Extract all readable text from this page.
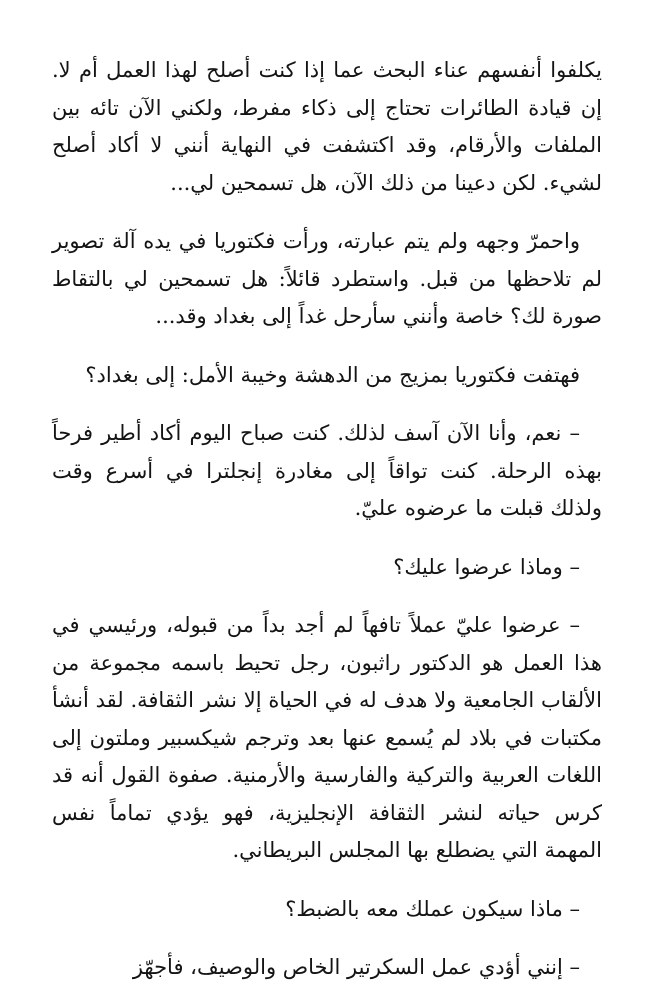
يكلفوا أنفسهم عناء البحث عما إذا كنت أصلح لهذا العمل أم لا. إن قيادة الطائرات تحتاج إلى ذكاء مفرط، ولكني الآن تائه بين الملفات والأرقام، وقد اكتشفت في النهاية أنني لا أكاد أصلح لشيء. لكن دعينا من ذلك الآن، هل تسمحين لي...

واحمرّ وجهه ولم يتم عبارته، ورأت فكتوريا في يده آلة تصوير لم تلاحظها من قبل. واستطرد قائلاً: هل تسمحين لي بالتقاط صورة لك؟ خاصة وأنني سأرحل غداً إلى بغداد وقد...

فهتفت فكتوريا بمزيج من الدهشة وخيبة الأمل: إلى بغداد؟

– نعم، وأنا الآن آسف لذلك. كنت صباح اليوم أكاد أطير فرحاً بهذه الرحلة. كنت تواقاً إلى مغادرة إنجلترا في أسرع وقت ولذلك قبلت ما عرضوه عليّ.

– وماذا عرضوا عليك؟

– عرضوا عليّ عملاً تافهاً لم أجد بداً من قبوله، ورئيسي في هذا العمل هو الدكتور راثبون، رجل تحيط باسمه مجموعة من الألقاب الجامعية ولا هدف له في الحياة إلا نشر الثقافة. لقد أنشأ مكتبات في بلاد لم يُسمع عنها بعد وترجم شيكسبير وملتون إلى اللغات العربية والتركية والفارسية والأرمنية. صفوة القول أنه قد كرس حياته لنشر الثقافة الإنجليزية، فهو يؤدي تماماً نفس المهمة التي يضطلع بها المجلس البريطاني.

– ماذا سيكون عملك معه بالضبط؟

– إنني أؤدي عمل السكرتير الخاص والوصيف، فأجهّز
